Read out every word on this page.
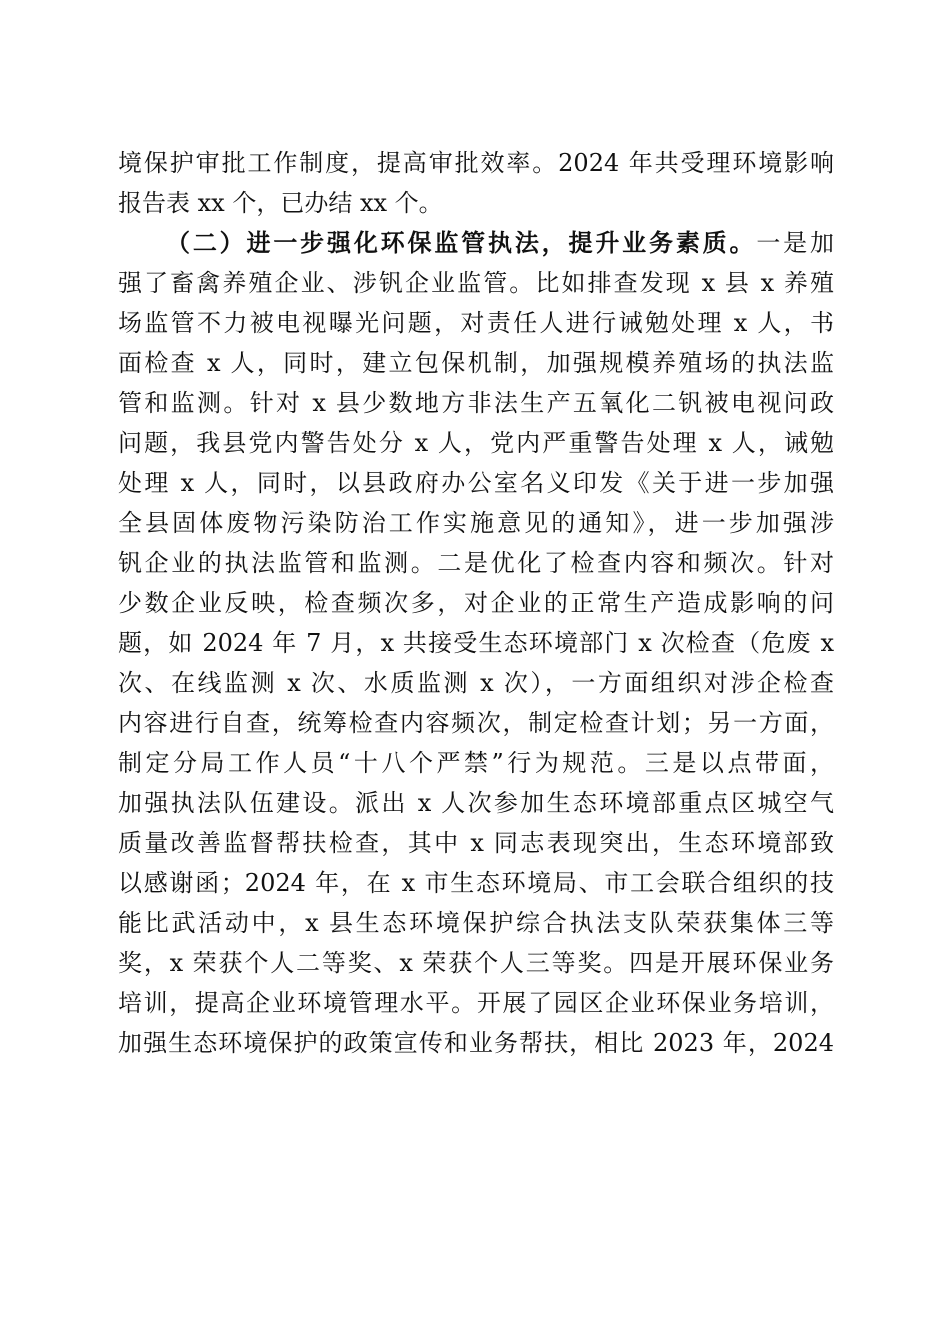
境保护审批工作制度，提高审批效率。2024 年共受理环境影响
报告表 xx 个，已办结 xx 个。
（二）进一步强化环保监管执法，提升业务素质。一是加
强了畜禽养殖企业、涉钒企业监管。比如排查发现 x 县 x 养殖
场监管不力被电视曝光问题，对责任人进行诫勉处理 x 人，书
面检查 x 人，同时，建立包保机制，加强规模养殖场的执法监
管和监测。针对 x 县少数地方非法生产五氧化二钒被电视问政
问题，我县党内警告处分 x 人，党内严重警告处理 x 人，诫勉
处理 x 人，同时，以县政府办公室名义印发《关于进一步加强
全县固体废物污染防治工作实施意见的通知》，进一步加强涉
钒企业的执法监管和监测。二是优化了检查内容和频次。针对
少数企业反映，检查频次多，对企业的正常生产造成影响的问
题，如 2024 年 7 月，x 共接受生态环境部门 x 次检查（危废 x
次、在线监测 x 次、水质监测 x 次），一方面组织对涉企检查
内容进行自查，统筹检查内容频次，制定检查计划；另一方面，
制定分局工作人员“十八个严禁”行为规范。三是以点带面，
加强执法队伍建设。派出 x 人次参加生态环境部重点区城空气
质量改善监督帮扶检查，其中 x 同志表现突出，生态环境部致
以感谢函；2024 年，在 x 市生态环境局、市工会联合组织的技
能比武活动中，x 县生态环境保护综合执法支队荣获集体三等
奖，x 荣获个人二等奖、x 荣获个人三等奖。四是开展环保业务
培训，提高企业环境管理水平。开展了园区企业环保业务培训，
加强生态环境保护的政策宣传和业务帮扶，相比 2023 年，2024
